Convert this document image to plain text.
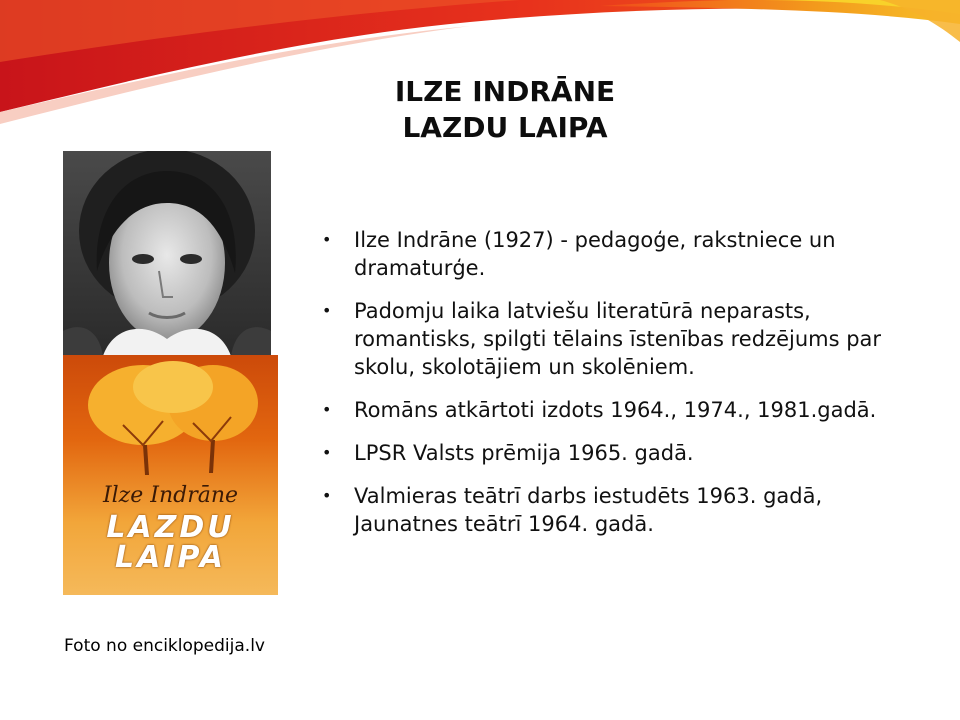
ILZE INDRĀNE
LAZDU LAIPA
Ilze Indrāne
LAZDU
LAIPA
Foto no enciklopedija.lv
• Ilze Indrāne (1927) - pedagoģe, rakstniece un dramaturģe.
• Padomju laika latviešu literatūrā neparasts, romantisks, spilgti tēlains īstenības redzējums par skolu, skolotājiem un skolēniem.
• Romāns atkārtoti izdots 1964., 1974., 1981.gadā.
• LPSR Valsts prēmija 1965. gadā.
• Valmieras teātrī darbs iestudēts 1963. gadā, Jaunatnes teātrī 1964. gadā.
